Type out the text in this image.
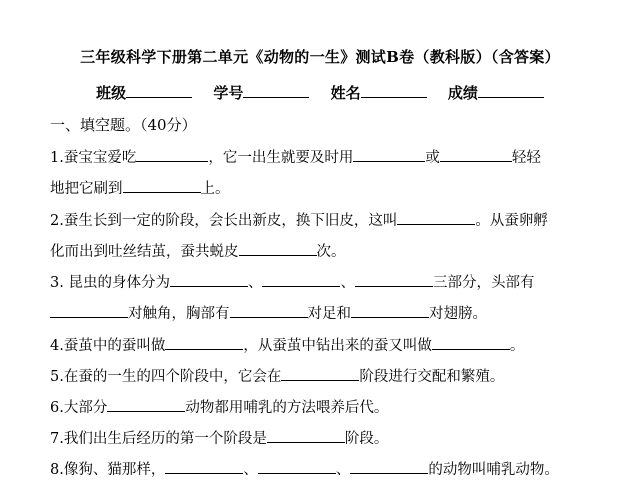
三年级科学下册第二单元《动物的一生》测试B卷（教科版）（含答案）
班级	学号	姓名	成绩
一、填空题。（40分）
1.蚕宝宝爱吃	，它一出生就要及时用	或	轻轻
地把它刷到	上。
2.蚕生长到一定的阶段，会长出新皮，换下旧皮，这叫	。从蚕卵孵
化而出到吐丝结茧，蚕共蜕皮	次。
3. 昆虫的身体分为	、	、	三部分，头部有
对触角，胸部有	对足和	对翅膀。
4.蚕茧中的蚕叫做	，从蚕茧中钻出来的蚕又叫做	。
5.在蚕的一生的四个阶段中，它会在	阶段进行交配和繁殖。
6.大部分	动物都用哺乳的方法喂养后代。
7.我们出生后经历的第一个阶段是	阶段。
8.像狗、猫那样，	、	、	的动物叫哺乳动物。
